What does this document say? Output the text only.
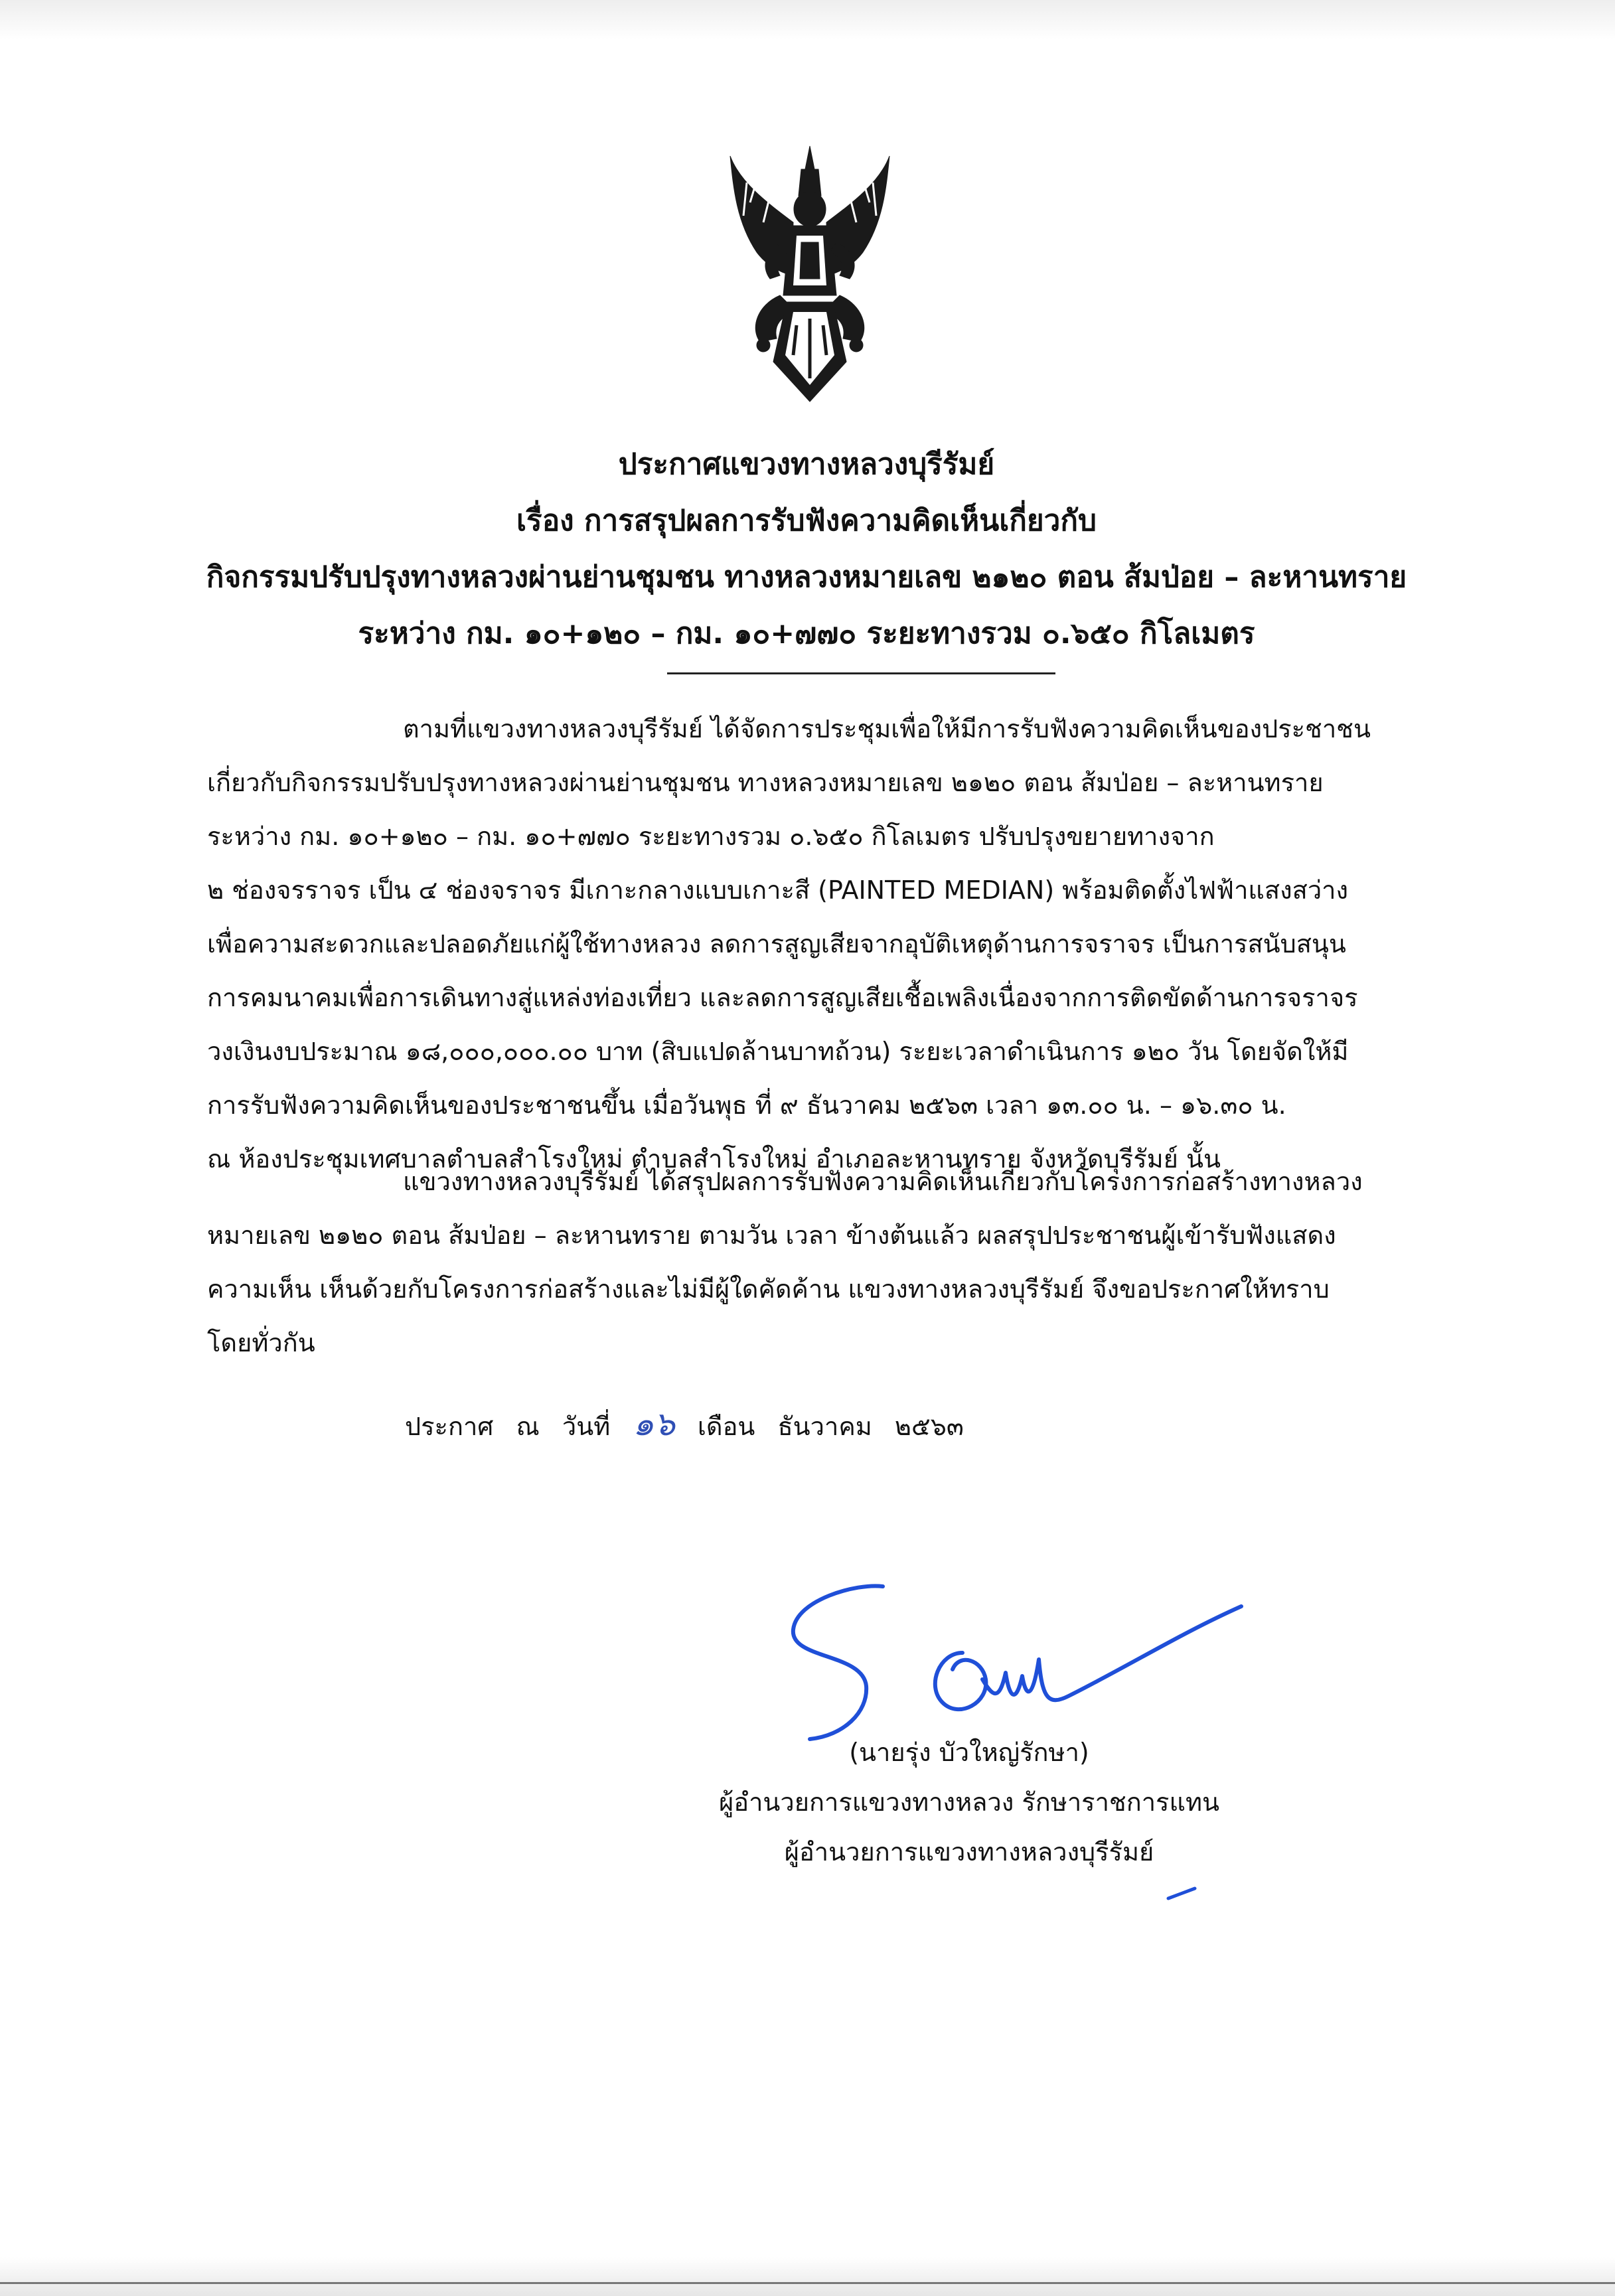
ประกาศแขวงทางหลวงบุรีรัมย์
เรื่อง การสรุปผลการรับฟังความคิดเห็นเกี่ยวกับ
กิจกรรมปรับปรุงทางหลวงผ่านย่านชุมชน ทางหลวงหมายเลข ๒๑๒๐ ตอน ส้มป่อย – ละหานทราย
ระหว่าง กม. ๑๐+๑๒๐ – กม. ๑๐+๗๗๐ ระยะทางรวม ๐.๖๕๐ กิโลเมตร
ตามที่แขวงทางหลวงบุรีรัมย์ ได้จัดการประชุมเพื่อให้มีการรับฟังความคิดเห็นของประชาชน
เกี่ยวกับกิจกรรมปรับปรุงทางหลวงผ่านย่านชุมชน ทางหลวงหมายเลข ๒๑๒๐ ตอน ส้มป่อย – ละหานทราย
ระหว่าง กม. ๑๐+๑๒๐ – กม. ๑๐+๗๗๐ ระยะทางรวม ๐.๖๕๐ กิโลเมตร ปรับปรุงขยายทางจาก
๒ ช่องจรราจร เป็น ๔ ช่องจราจร มีเกาะกลางแบบเกาะสี (PAINTED MEDIAN) พร้อมติดตั้งไฟฟ้าแสงสว่าง
เพื่อความสะดวกและปลอดภัยแก่ผู้ใช้ทางหลวง ลดการสูญเสียจากอุบัติเหตุด้านการจราจร เป็นการสนับสนุน
การคมนาคมเพื่อการเดินทางสู่แหล่งท่องเที่ยว และลดการสูญเสียเชื้อเพลิงเนื่องจากการติดขัดด้านการจราจร
วงเงินงบประมาณ ๑๘,๐๐๐,๐๐๐.๐๐ บาท (สิบแปดล้านบาทถ้วน) ระยะเวลาดำเนินการ ๑๒๐ วัน โดยจัดให้มี
การรับฟังความคิดเห็นของประชาชนขึ้น เมื่อวันพุธ ที่ ๙ ธันวาคม ๒๕๖๓ เวลา ๑๓.๐๐ น. – ๑๖.๓๐ น.
ณ ห้องประชุมเทศบาลตำบลสำโรงใหม่ ตำบลสำโรงใหม่ อำเภอละหานทราย จังหวัดบุรีรัมย์ นั้น
แขวงทางหลวงบุรีรัมย์ ได้สรุปผลการรับฟังความคิดเห็นเกี่ยวกับโครงการก่อสร้างทางหลวง
หมายเลข ๒๑๒๐ ตอน ส้มป่อย – ละหานทราย ตามวัน เวลา ข้างต้นแล้ว ผลสรุปประชาชนผู้เข้ารับฟังแสดง
ความเห็น เห็นด้วยกับโครงการก่อสร้างและไม่มีผู้ใดคัดค้าน แขวงทางหลวงบุรีรัมย์ จึงขอประกาศให้ทราบ
โดยทั่วกัน
ประกาศ ณ วันที่ ๑๖ เดือน ธันวาคม ๒๕๖๓
(นายรุ่ง บัวใหญ่รักษา)
ผู้อำนวยการแขวงทางหลวง รักษาราชการแทน
ผู้อำนวยการแขวงทางหลวงบุรีรัมย์
